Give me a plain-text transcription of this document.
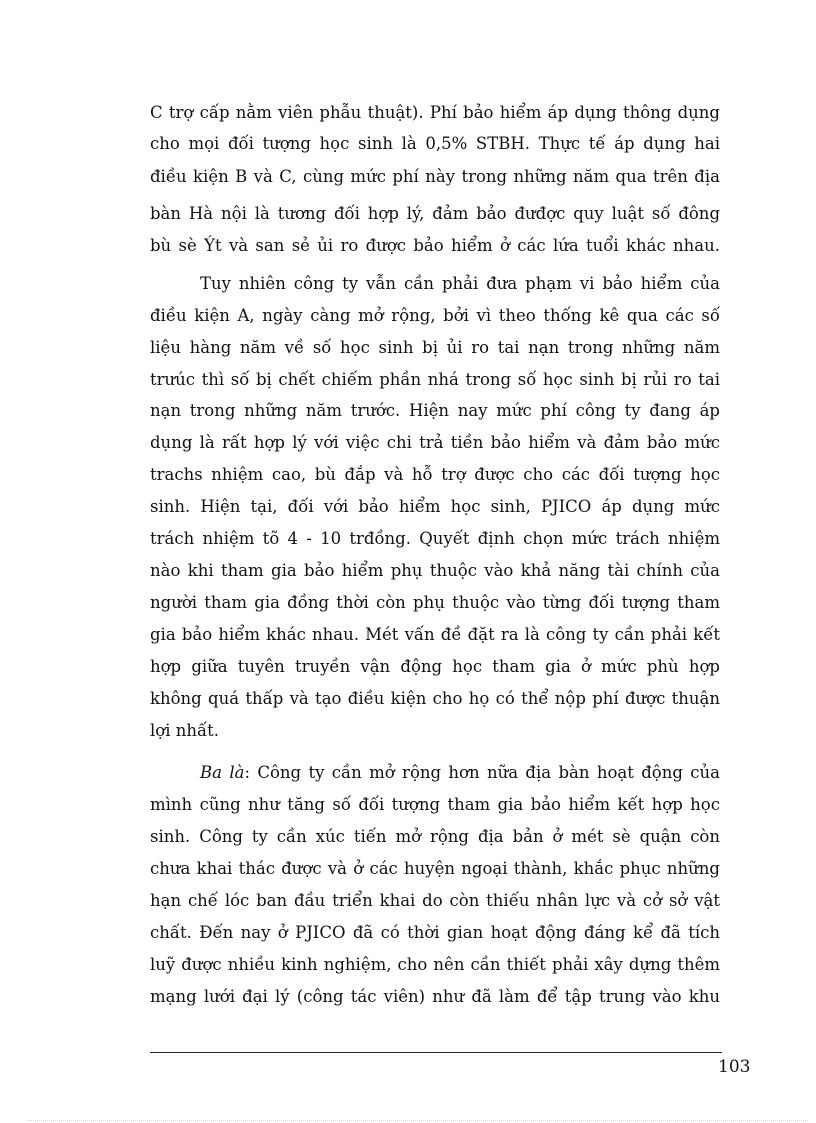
C trợ cấp nằm viên phẫu thuật). Phí bảo hiểm áp dụng thông dụng
cho mọi đối tượng học sinh là 0,5% STBH. Thực tế áp dụng hai
điều kiện B và C, cùng mức phí này trong những năm qua trên địa
bàn Hà nội là tương đối hợp lý, đảm bảo đưđợc quy luật số đông
bù sè Ýt và san sẻ ủi ro được bảo hiểm ở các lứa tuổi khác nhau.
Tuy nhiên công ty vẫn cần phải đưa phạm vi bảo hiểm của
điều kiện A, ngày càng mở rộng, bởi vì theo thống kê qua các số
liệu hàng năm về số học sinh bị ủi ro tai nạn trong những năm
trưúc thì số bị chết chiếm phần nhá trong số học sinh bị rủi ro tai
nạn trong những năm trước. Hiện nay mức phí công ty đang áp
dụng là rất hợp lý với việc chi trả tiền bảo hiểm và đảm bảo mức
trachs nhiệm cao, bù đắp và hỗ trợ được cho các đối tượng học
sinh. Hiện tại, đối với bảo hiểm học sinh, PJICO áp dụng mức
trách nhiệm tõ 4 - 10 trđồng. Quyết định chọn mức trách nhiệm
nào khi tham gia bảo hiểm phụ thuộc vào khả năng tài chính của
người tham gia đồng thời còn phụ thuộc vào từng đối tượng tham
gia bảo hiểm khác nhau. Mét vấn đề đặt ra là công ty cần phải kết
hợp giữa tuyên truyền vận động học tham gia ở mức phù hợp
không quá thấp và tạo điều kiện cho họ có thể nộp phí được thuận
lợi nhất.
Ba là: Công ty cần mở rộng hơn nữa địa bàn hoạt động của
mình cũng như tăng số đối tượng tham gia bảo hiểm kết hợp học
sinh. Công ty cần xúc tiến mở rộng địa bản ở mét sè quận còn
chưa khai thác được và ở các huyện ngoại thành, khắc phục những
hạn chế lóc ban đầu triển khai do còn thiếu nhân lực và cở sở vật
chất. Đến nay ở PJICO đã có thời gian hoạt động đáng kể đã tích
luỹ được nhiều kinh nghiệm, cho nên cần thiết phải xây dựng thêm
mạng lưới đại lý (công tác viên) như đã làm để tập trung vào khu
103
